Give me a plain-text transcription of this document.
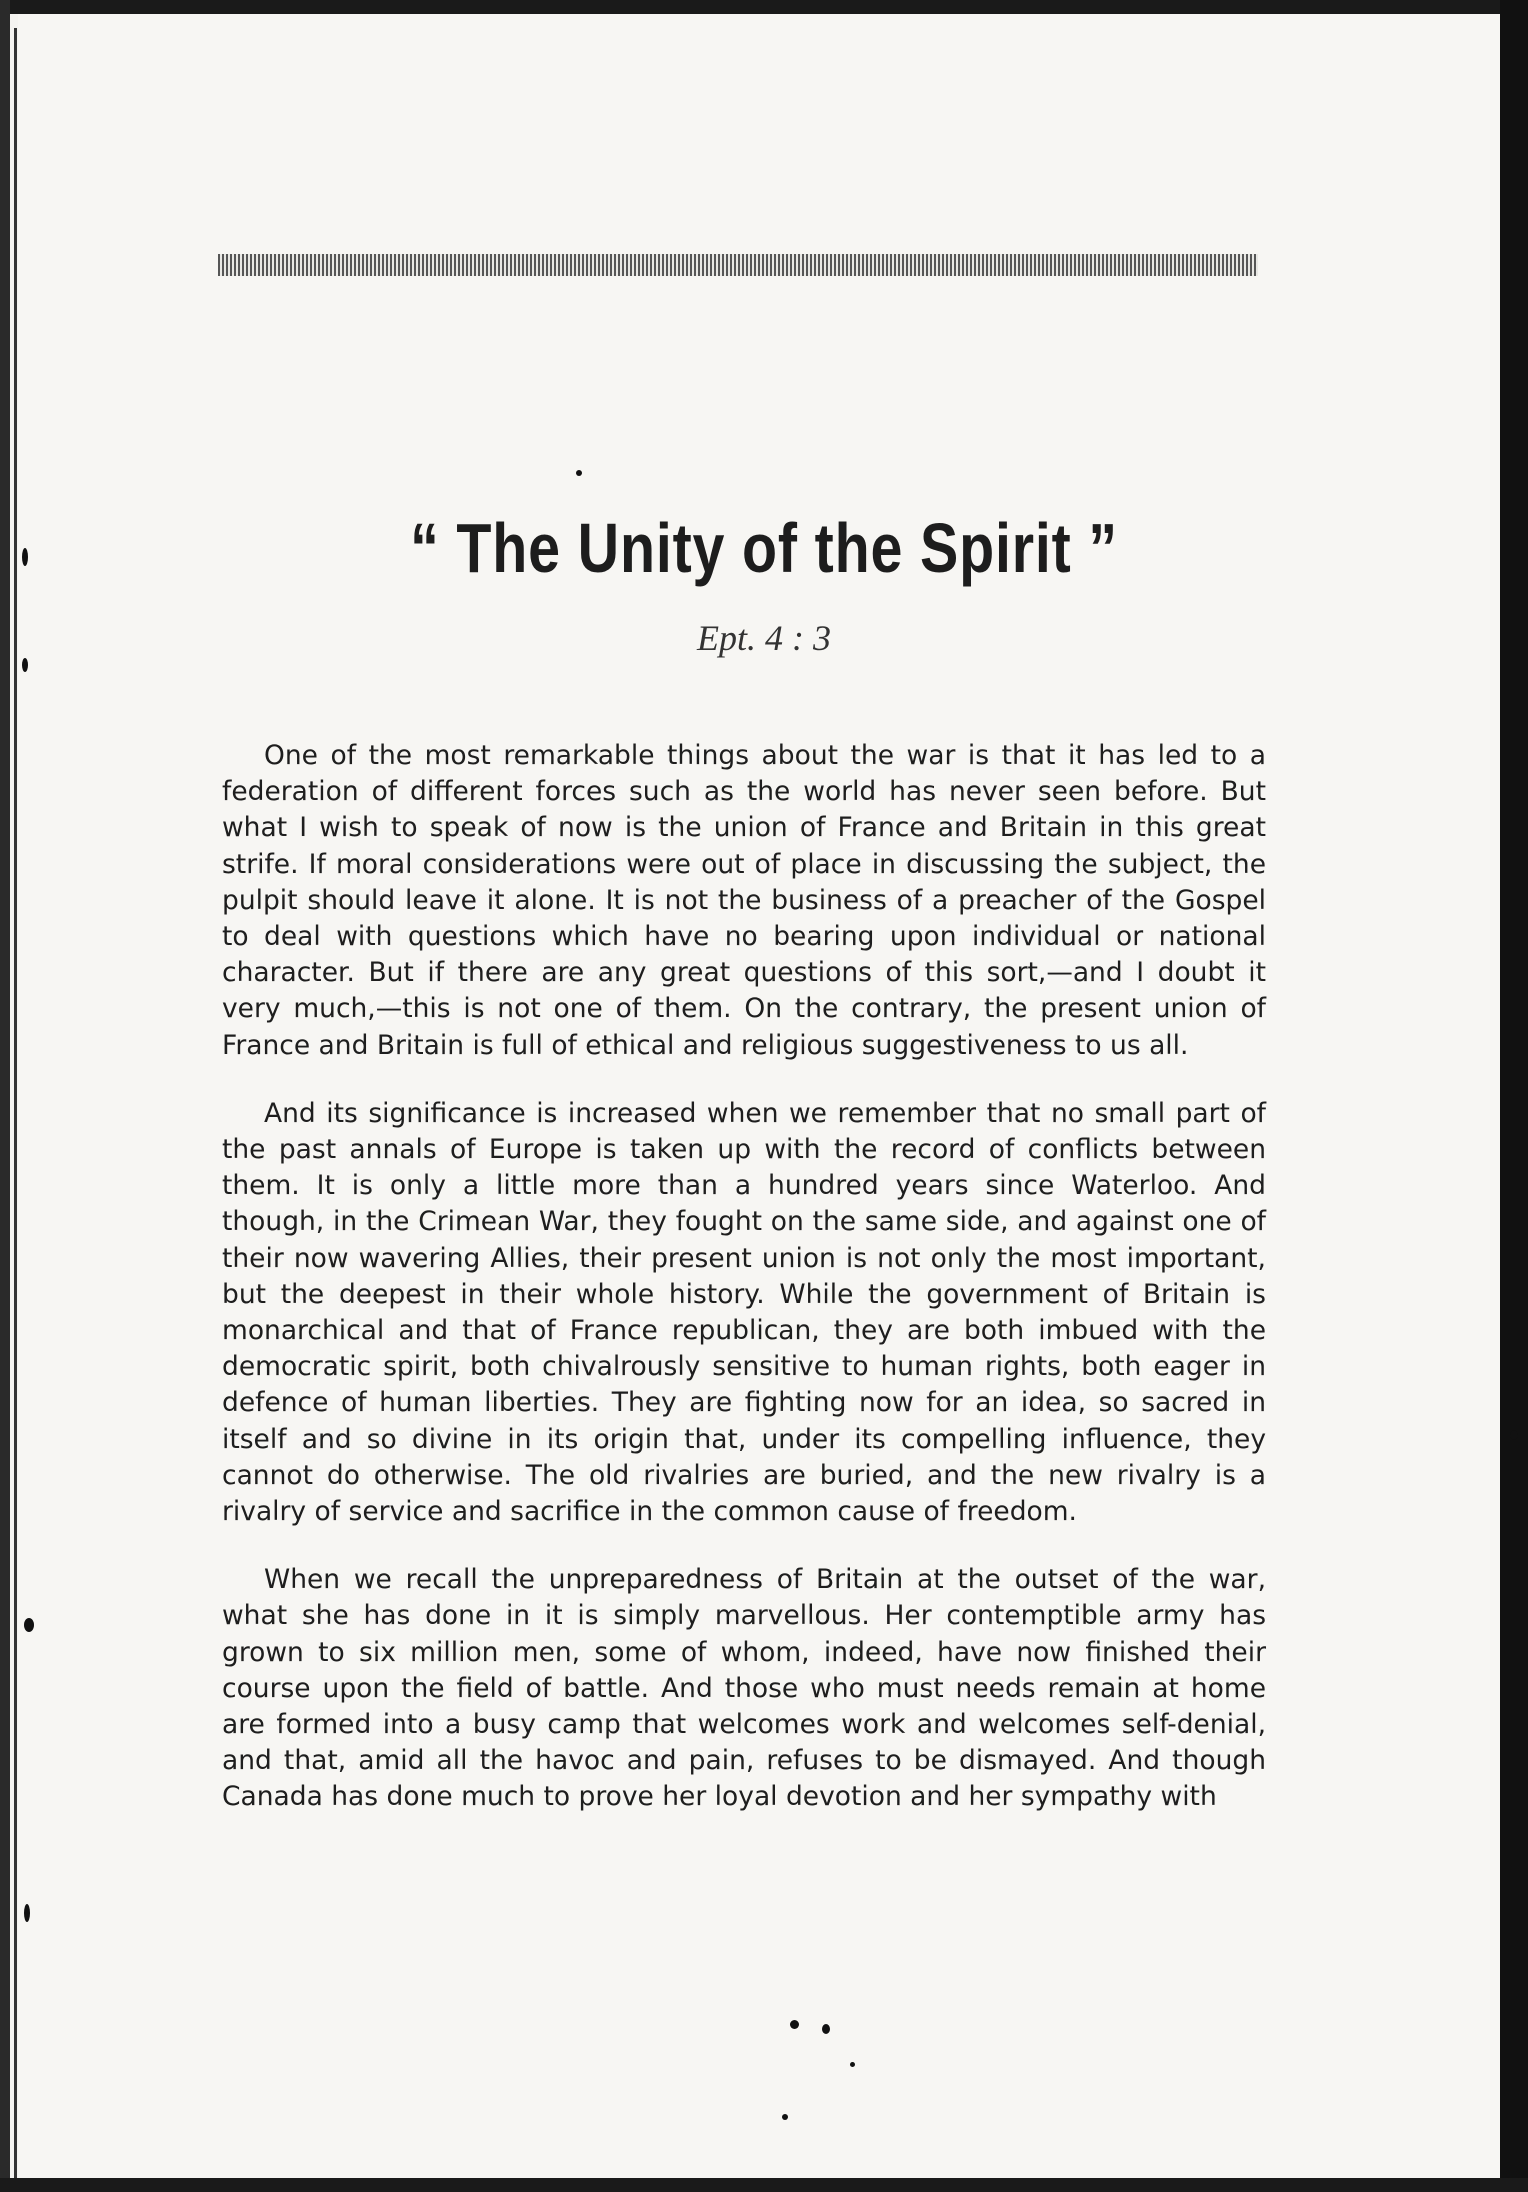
“ The Unity of the Spirit ”
Ept. 4 : 3

One of the most remarkable things about the war is that it has led to a federation of different forces such as the world has never seen before. But what I wish to speak of now is the union of France and Britain in this great strife. If moral considerations were out of place in discussing the subject, the pulpit should leave it alone. It is not the business of a preacher of the Gospel to deal with questions which have no bearing upon individual or national character. But if there are any great questions of this sort,—and I doubt it very much,—this is not one of them. On the contrary, the present union of France and Britain is full of ethical and religious suggestiveness to us all.

And its significance is increased when we remember that no small part of the past annals of Europe is taken up with the record of conflicts between them. It is only a little more than a hundred years since Waterloo. And though, in the Crimean War, they fought on the same side, and against one of their now wavering Allies, their present union is not only the most important, but the deepest in their whole history. While the government of Britain is monarchical and that of France republican, they are both imbued with the democratic spirit, both chivalrously sensitive to human rights, both eager in defence of human liberties. They are fighting now for an idea, so sacred in itself and so divine in its origin that, under its compelling influence, they cannot do otherwise. The old rivalries are buried, and the new rivalry is a rivalry of service and sacrifice in the common cause of freedom.

When we recall the unpreparedness of Britain at the outset of the war, what she has done in it is simply marvellous. Her contemptible army has grown to six million men, some of whom, indeed, have now finished their course upon the field of battle. And those who must needs remain at home are formed into a busy camp that welcomes work and welcomes self-denial, and that, amid all the havoc and pain, refuses to be dismayed. And though Canada has done much to prove her loyal devotion and her sympathy with
